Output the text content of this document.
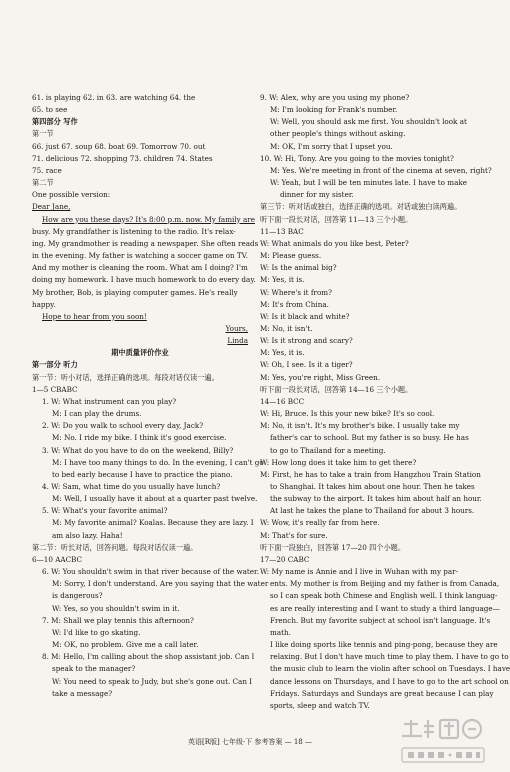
61. is playing 62. in 63. are watching 64. the
65. to see
第四部分 写作
第一节
66. just 67. soup 68. boat 69. Tomorrow 70. out
71. delicious 72. shopping 73. children 74. States
75. race
第二节
One possible version:
Dear Jane,
How are you these days? It's 8:00 p.m. now. My family are
busy. My grandfather is listening to the radio. It's relax-
ing. My grandmother is reading a newspaper. She often reads
in the evening. My father is watching a soccer game on TV.
And my mother is cleaning the room. What am I doing? I'm
doing my homework. I have much homework to do every day.
My brother, Bob, is playing computer games. He's really
happy.
Hope to hear from you soon!
Yours,
Linda
期中质量评价作业
第一部分 听力
第一节：听小对话，选择正确的选项。每段对话仅读一遍。
1—5 CBABC
1. W: What instrument can you play?
M: I can play the drums.
2. W: Do you walk to school every day, Jack?
M: No. I ride my bike. I think it's good exercise.
3. W: What do you have to do on the weekend, Billy?
M: I have too many things to do. In the evening, I can't go
to bed early because I have to practice the piano.
4. W: Sam, what time do you usually have lunch?
M: Well, I usually have it about at a quarter past twelve.
5. W: What's your favorite animal?
M: My favorite animal? Koalas. Because they are lazy. I
am also lazy. Haha!
第二节：听长对话，回答问题。每段对话仅读一遍。
6—10 AACBC
6. W: You shouldn't swim in that river because of the water.
M: Sorry, I don't understand. Are you saying that the water
is dangerous?
W: Yes, so you shouldn't swim in it.
7. M: Shall we play tennis this afternoon?
W: I'd like to go skating.
M: OK, no problem. Give me a call later.
8. M: Hello, I'm calling about the shop assistant job. Can I
speak to the manager?
W: You need to speak to Judy, but she's gone out. Can I
take a message?
9. W: Alex, why are you using my phone?
M: I'm looking for Frank's number.
W: Well, you should ask me first. You shouldn't look at
other people's things without asking.
M: OK, I'm sorry that I upset you.
10. W: Hi, Tony. Are you going to the movies tonight?
M: Yes. We're meeting in front of the cinema at seven, right?
W: Yeah, but I will be ten minutes late. I have to make
dinner for my sister.
第三节：听对话或独白，选择正确的选项。对话或独白读两遍。
听下面一段长对话，回答第 11—13 三个小题。
11—13 BAC
W: What animals do you like best, Peter?
M: Please guess.
W: Is the animal big?
M: Yes, it is.
W: Where's it from?
M: It's from China.
W: Is it black and white?
M: No, it isn't.
W: Is it strong and scary?
M: Yes, it is.
W: Oh, I see. Is it a tiger?
M: Yes, you're right, Miss Green.
听下面一段长对话，回答第 14—16 三个小题。
14—16 BCC
W: Hi, Bruce. Is this your new bike? It's so cool.
M: No, it isn't. It's my brother's bike. I usually take my
father's car to school. But my father is so busy. He has
to go to Thailand for a meeting.
W: How long does it take him to get there?
M: First, he has to take a train from Hangzhou Train Station
to Shanghai. It takes him about one hour. Then he takes
the subway to the airport. It takes him about half an hour.
At last he takes the plane to Thailand for about 3 hours.
W: Wow, it's really far from here.
M: That's for sure.
听下面一段独白，回答第 17—20 四个小题。
17—20 CABC
W: My name is Annie and I live in Wuhan with my par-
ents. My mother is from Beijing and my father is from Canada,
so I can speak both Chinese and English well. I think languag-
es are really interesting and I want to study a third language—
French. But my favorite subject at school isn't language. It's
math.
I like doing sports like tennis and ping-pong, because they are
relaxing. But I don't have much time to play them. I have to go to
the music club to learn the violin after school on Tuesdays. I have
dance lessons on Thursdays, and I have to go to the art school on
Fridays. Saturdays and Sundays are great because I can play
sports, sleep and watch TV.
英语[R版] 七年级·下 参考答案 — 18 —
